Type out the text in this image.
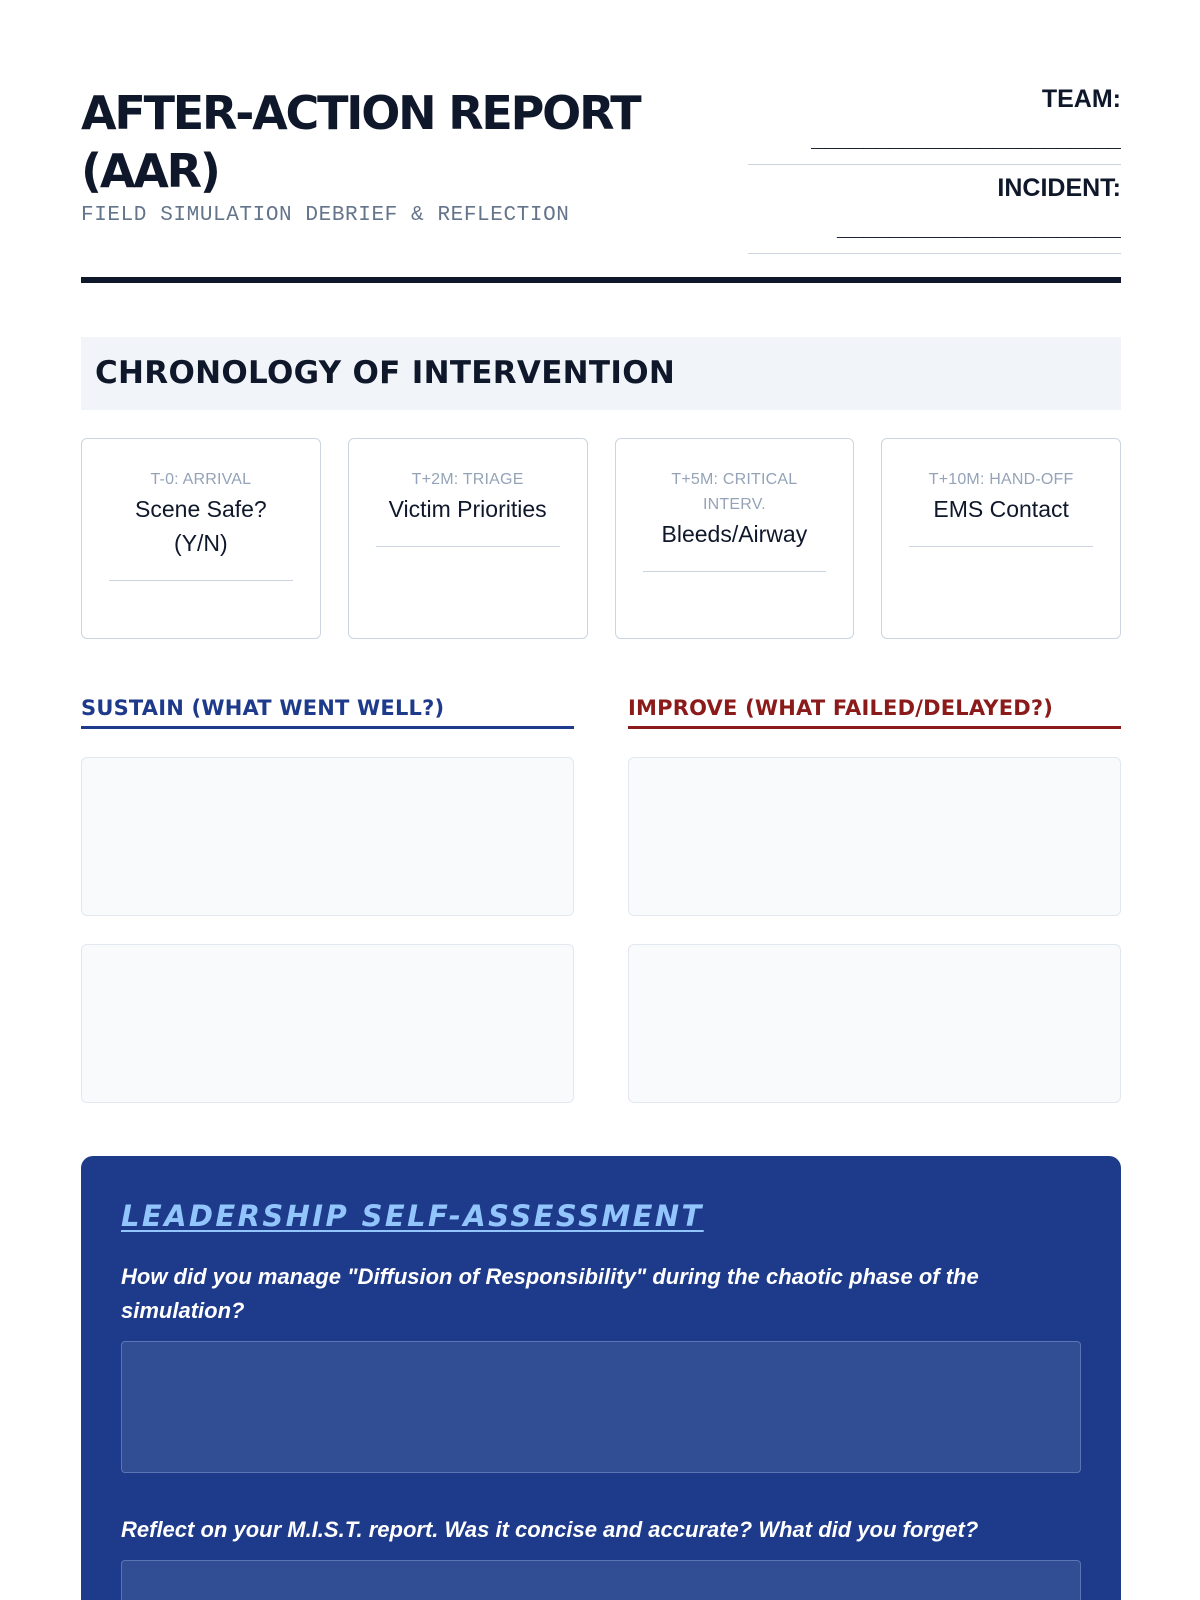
AFTER-ACTION REPORT (AAR)
FIELD SIMULATION DEBRIEF & REFLECTION
TEAM:
________________________
INCIDENT:
______________________
CHRONOLOGY OF INTERVENTION
T-0: ARRIVAL
Scene Safe? (Y/N)
T+2M: TRIAGE
Victim Priorities
T+5M: CRITICAL INTERV.
Bleeds/Airway
T+10M: HAND-OFF
EMS Contact
SUSTAIN (WHAT WENT WELL?)	IMPROVE (WHAT FAILED/DELAYED?)
LEADERSHIP SELF-ASSESSMENT

How did you manage "Diffusion of Responsibility" during the chaotic phase of the simulation?

Reflect on your M.I.S.T. report. Was it concise and accurate? What did you forget?
